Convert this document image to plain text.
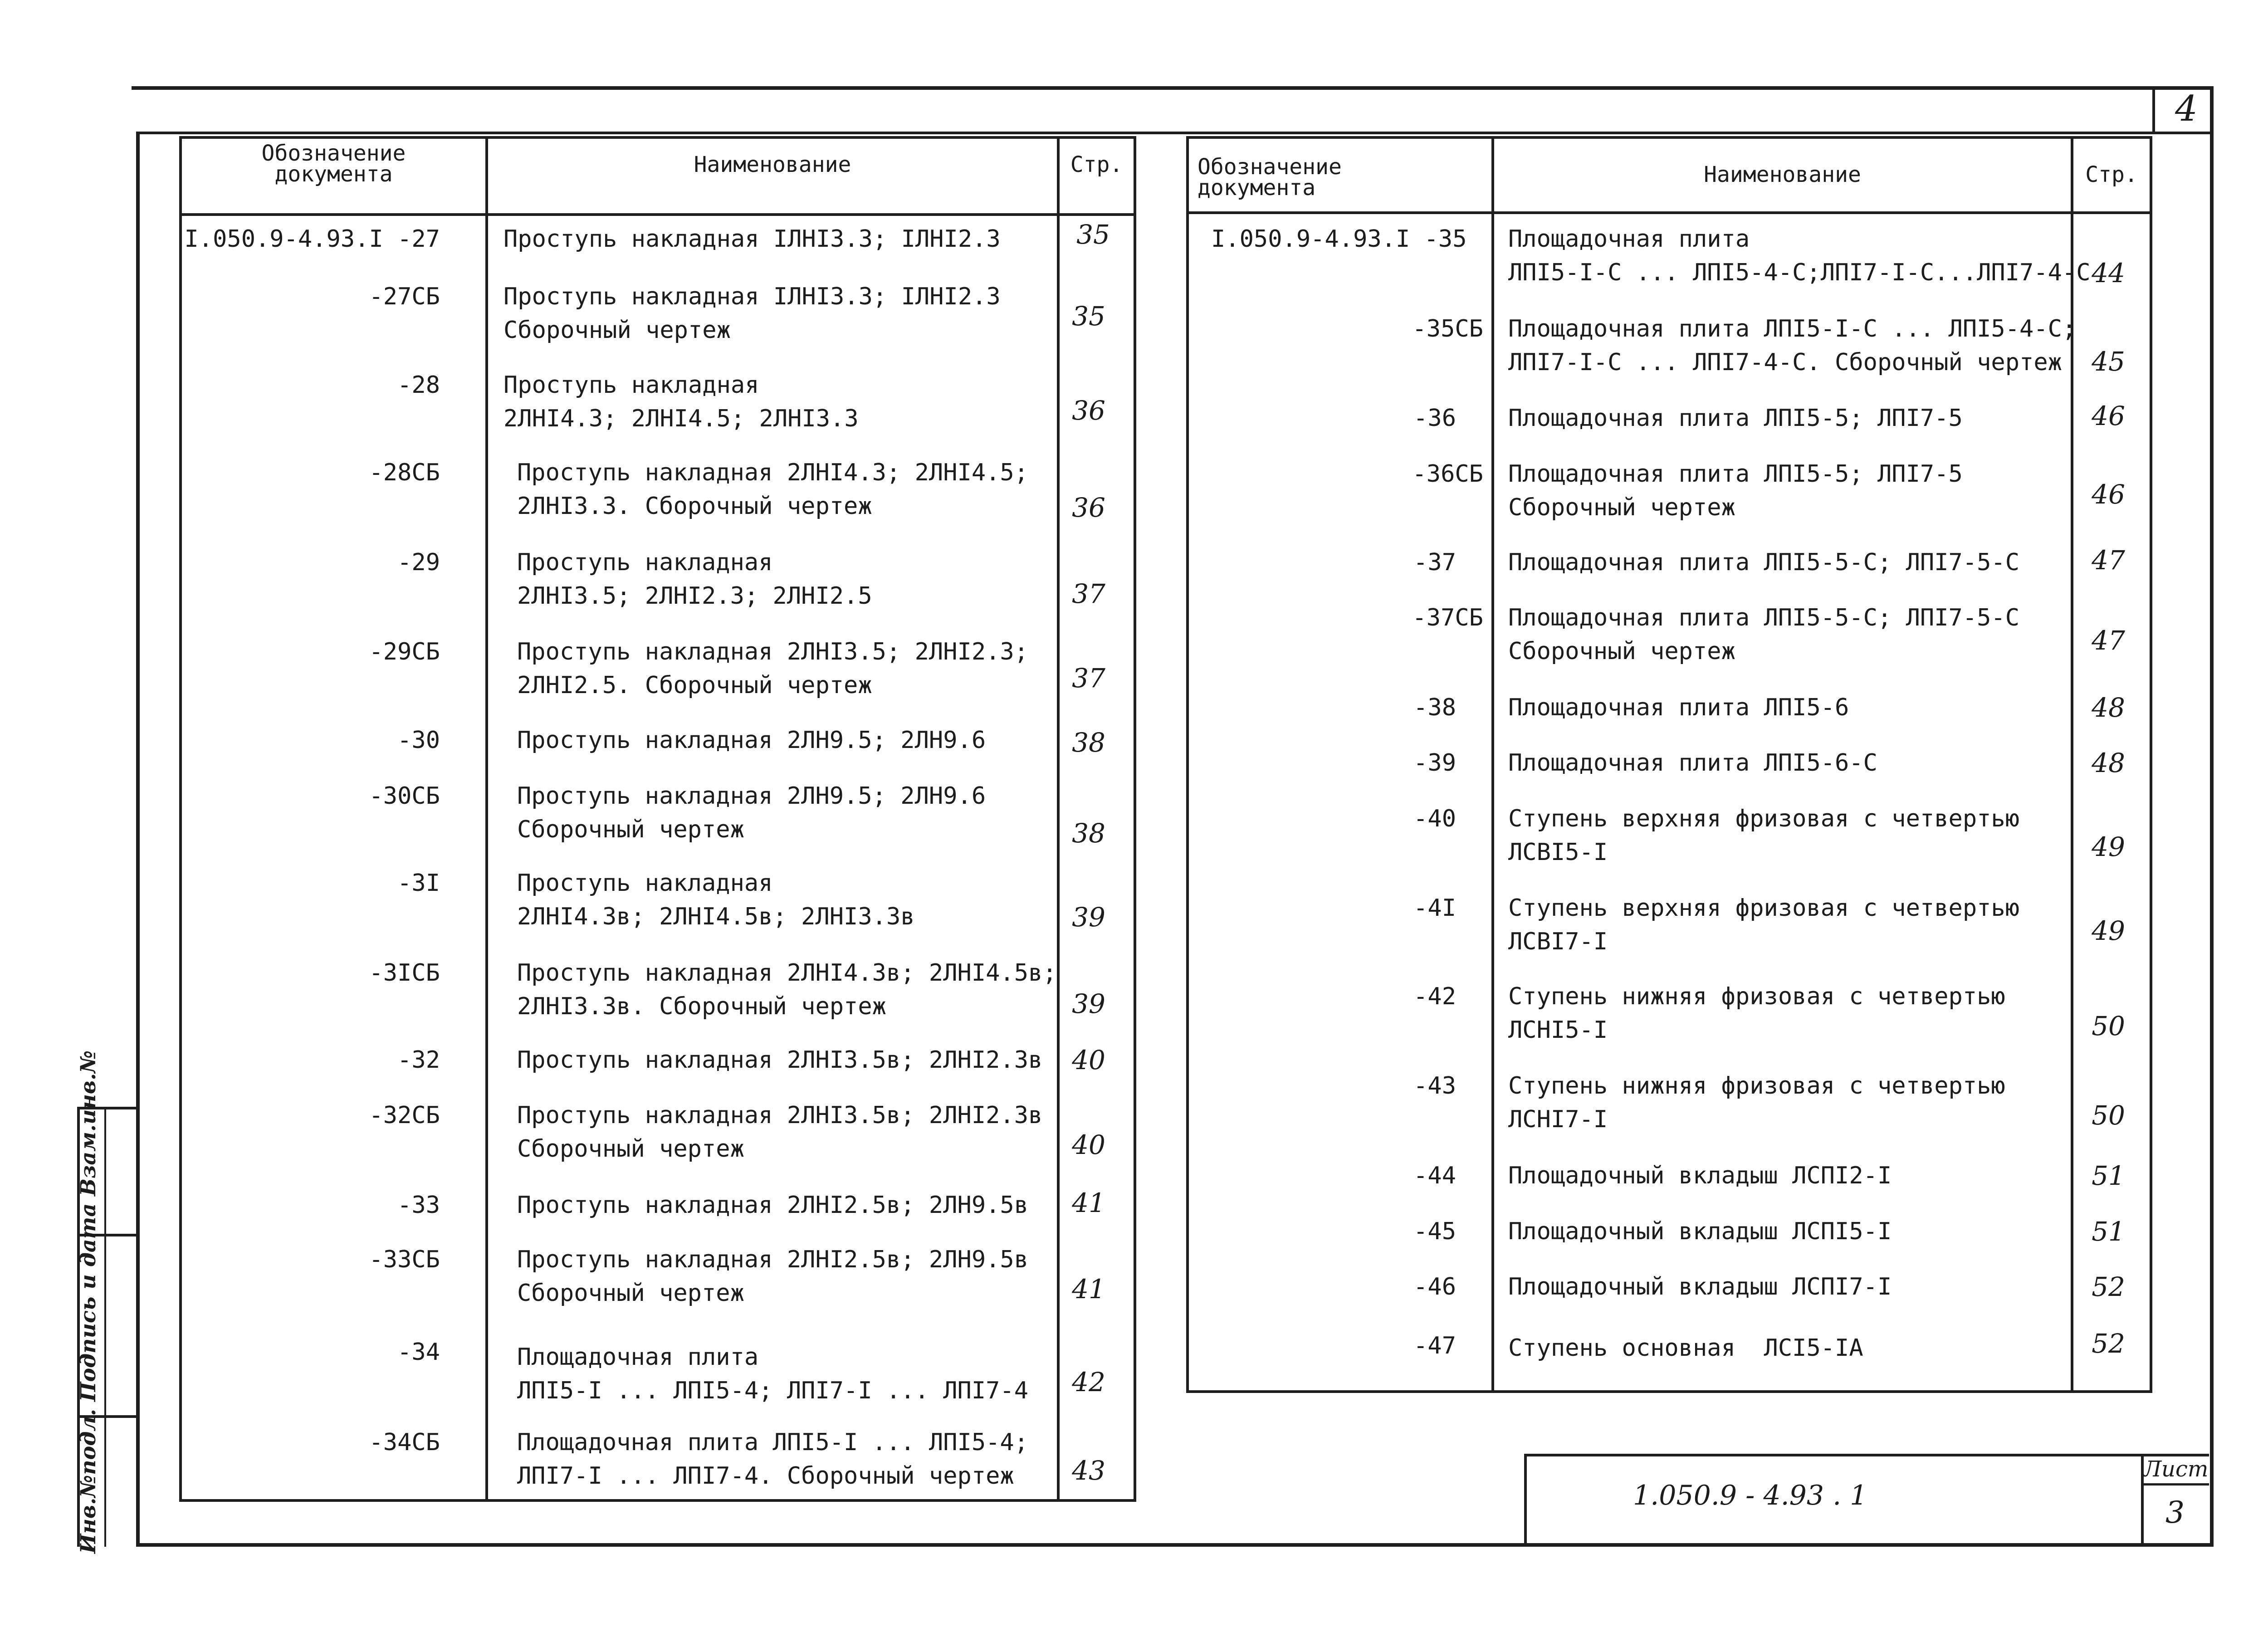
Инв.№подл. Подпись и дата Взам.инв.№
4
1.050.9 - 4.93 . 1
Лист
3
Обозначение
документа	Наименование	Стр.	Обозначение
документа
Наименование	Стр.
I.050.9-4.93.I -27	Проступь накладная IЛНI3.3; IЛНI2.3	35
-27СБ	Проступь накладная IЛНI3.3; IЛНI2.3
Сборочный чертеж	35
-28	Проступь накладная
2ЛНI4.3; 2ЛНI4.5; 2ЛНI3.3	36
-28СБ	Проступь накладная 2ЛНI4.3; 2ЛНI4.5;
2ЛНI3.3. Сборочный чертеж	36
-29	Проступь накладная
2ЛНI3.5; 2ЛНI2.3; 2ЛНI2.5	37
-29СБ	Проступь накладная 2ЛНI3.5; 2ЛНI2.3;
2ЛНI2.5. Сборочный чертеж	37
-30	Проступь накладная 2ЛН9.5; 2ЛН9.6	38
-30СБ	Проступь накладная 2ЛН9.5; 2ЛН9.6
Сборочный чертеж	38
-3I	Проступь накладная
2ЛНI4.3в; 2ЛНI4.5в; 2ЛНI3.3в	39
-3IСБ	Проступь накладная 2ЛНI4.3в; 2ЛНI4.5в;
2ЛНI3.3в. Сборочный чертеж	39
-32	Проступь накладная 2ЛНI3.5в; 2ЛНI2.3в	40
-32СБ	Проступь накладная 2ЛНI3.5в; 2ЛНI2.3в
Сборочный чертеж	40
-33	Проступь накладная 2ЛНI2.5в; 2ЛН9.5в	41
-33СБ	Проступь накладная 2ЛНI2.5в; 2ЛН9.5в
Сборочный чертеж	41
-34	Площадочная плита
ЛПI5-I ... ЛПI5-4; ЛПI7-I ... ЛПI7-4	42
-34СБ	Площадочная плита ЛПI5-I ... ЛПI5-4;
ЛПI7-I ... ЛПI7-4. Сборочный чертеж	43
I.050.9-4.93.I -35 Площадочная плита
ЛПI5-I-С ... ЛПI5-4-С;ЛПI7-I-С...ЛПI7-4-С 44
-35СБ Площадочная плита ЛПI5-I-С ... ЛПI5-4-С;
ЛПI7-I-С ... ЛПI7-4-С. Сборочный чертеж	45
-36 Площадочная плита ЛПI5-5; ЛПI7-5	46
-36СБ Площадочная плита ЛПI5-5; ЛПI7-5
Сборочный чертеж	46
-37 Площадочная плита ЛПI5-5-С; ЛПI7-5-С	47
-37СБ Площадочная плита ЛПI5-5-С; ЛПI7-5-С
Сборочный чертеж	47
-38 Площадочная плита ЛПI5-6	48
-39 Площадочная плита ЛПI5-6-С	48
-40 Ступень верхняя фризовая с четвертью
ЛСВI5-I	49
-4I Ступень верхняя фризовая с четвертью
ЛСВI7-I	49
-42 Ступень нижняя фризовая с четвертью
ЛСНI5-I	50
-43 Ступень нижняя фризовая с четвертью
ЛСНI7-I	50
-44 Площадочный вкладыш ЛСПI2-I	51
-45 Площадочный вкладыш ЛСПI5-I	51
-46 Площадочный вкладыш ЛСПI7-I	52
-47 Ступень основная  ЛСI5-IА	52
